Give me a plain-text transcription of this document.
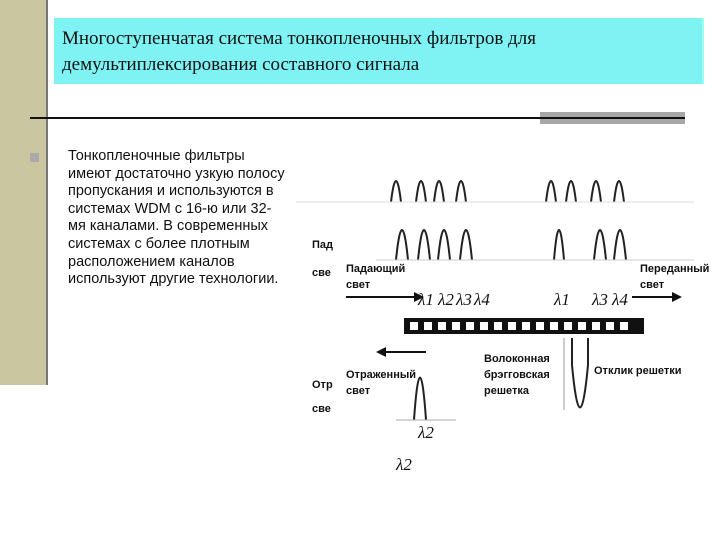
Многоступенчатая система тонкопленочных фильтров для демультиплексирования составного сигнала
Тонкопленочные фильтры имеют достаточно узкую полосу пропускания и используются в системах WDM с 16-ю или 32-мя каналами. В современных системах с более плотным расположением каналов используют другие технологии.
Пад
све
Отр
све
Падающий
свет
λ1 λ2 λ3 λ4	λ1 λ3 λ4
Переданный
свет
Отраженный
свет
λ2
λ2
Волоконная
брэгговская
решетка
Отклик решетки
